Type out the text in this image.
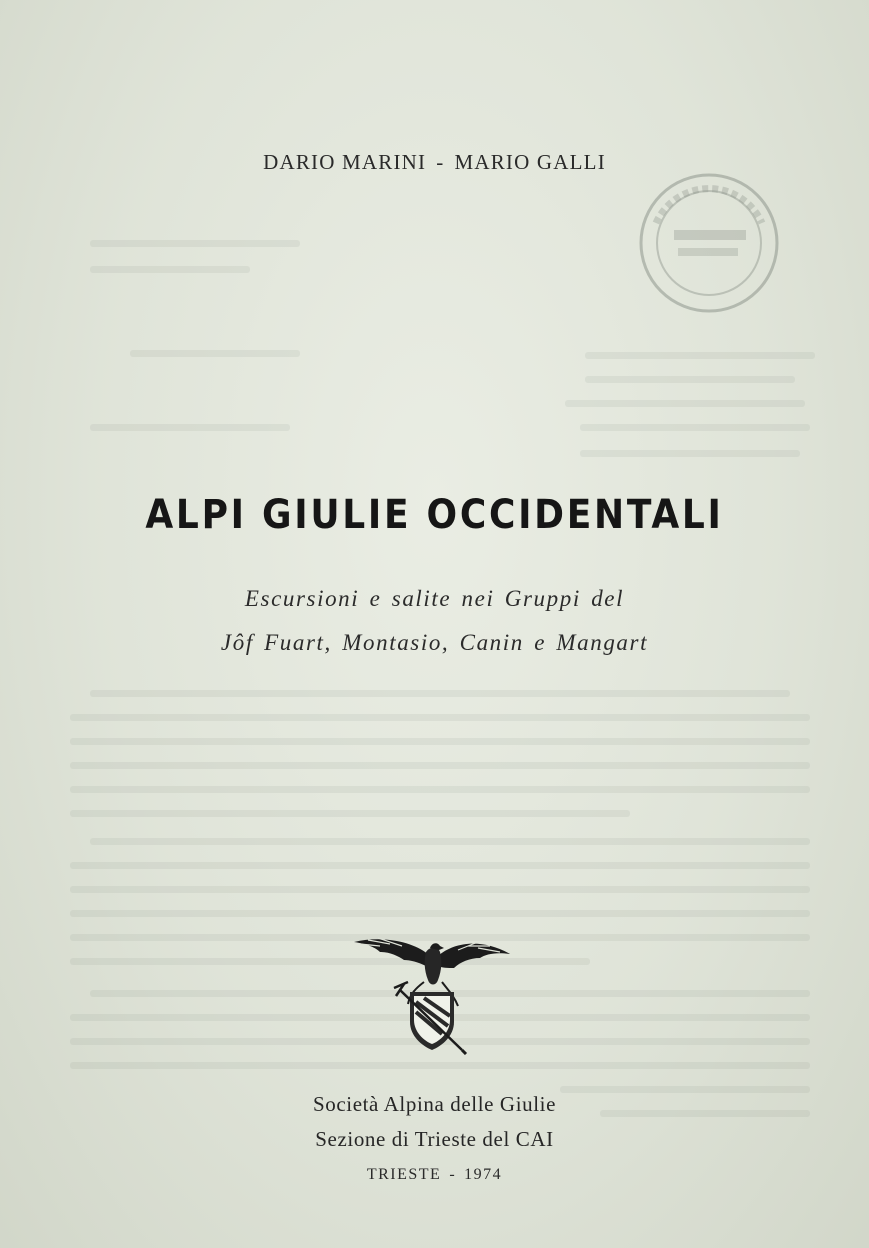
DARIO MARINI - MARIO GALLI
ALPI GIULIE OCCIDENTALI
Escursioni e salite nei Gruppi del
Jôf Fuart, Montasio, Canin e Mangart
Società Alpina delle Giulie
Sezione di Trieste del CAI
TRIESTE - 1974
